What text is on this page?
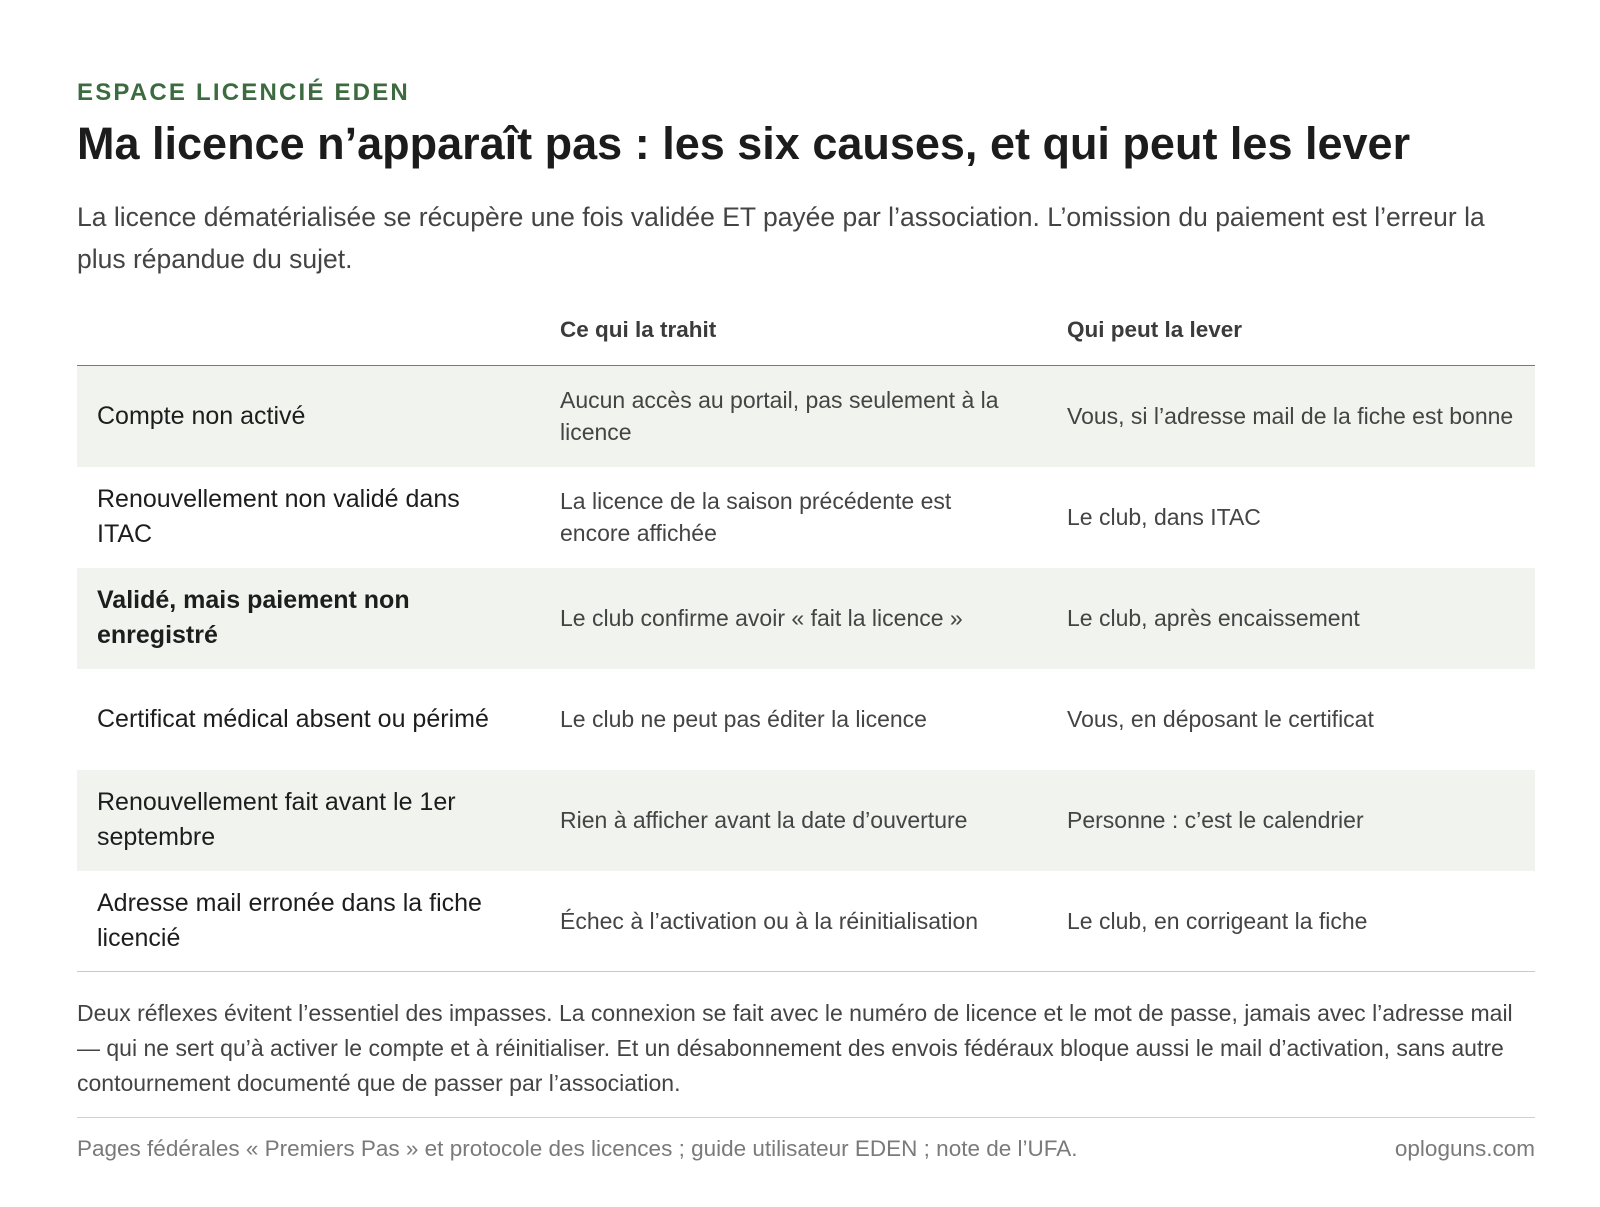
ESPACE LICENCIÉ EDEN

Ma licence n’apparaît pas : les six causes, et qui peut les lever

La licence dématérialisée se récupère une fois validée ET payée par l’association. L’omission du paiement est l’erreur la plus répandue du sujet.

	Ce qui la trahit	Qui peut la lever
Compte non activé	Aucun accès au portail, pas seulement à la licence	Vous, si l’adresse mail de la fiche est bonne
Renouvellement non validé dans ITAC	La licence de la saison précédente est encore affichée	Le club, dans ITAC
Validé, mais paiement non enregistré	Le club confirme avoir « fait la licence »	Le club, après encaissement
Certificat médical absent ou périmé	Le club ne peut pas éditer la licence	Vous, en déposant le certificat
Renouvellement fait avant le 1er septembre	Rien à afficher avant la date d’ouverture	Personne : c’est le calendrier
Adresse mail erronée dans la fiche licencié	Échec à l’activation ou à la réinitialisation	Le club, en corrigeant la fiche

Deux réflexes évitent l’essentiel des impasses. La connexion se fait avec le numéro de licence et le mot de passe, jamais avec l’adresse mail — qui ne sert qu’à activer le compte et à réinitialiser. Et un désabonnement des envois fédéraux bloque aussi le mail d’activation, sans autre contournement documenté que de passer par l’association.

Pages fédérales « Premiers Pas » et protocole des licences ; guide utilisateur EDEN ; note de l’UFA.	oploguns.com
